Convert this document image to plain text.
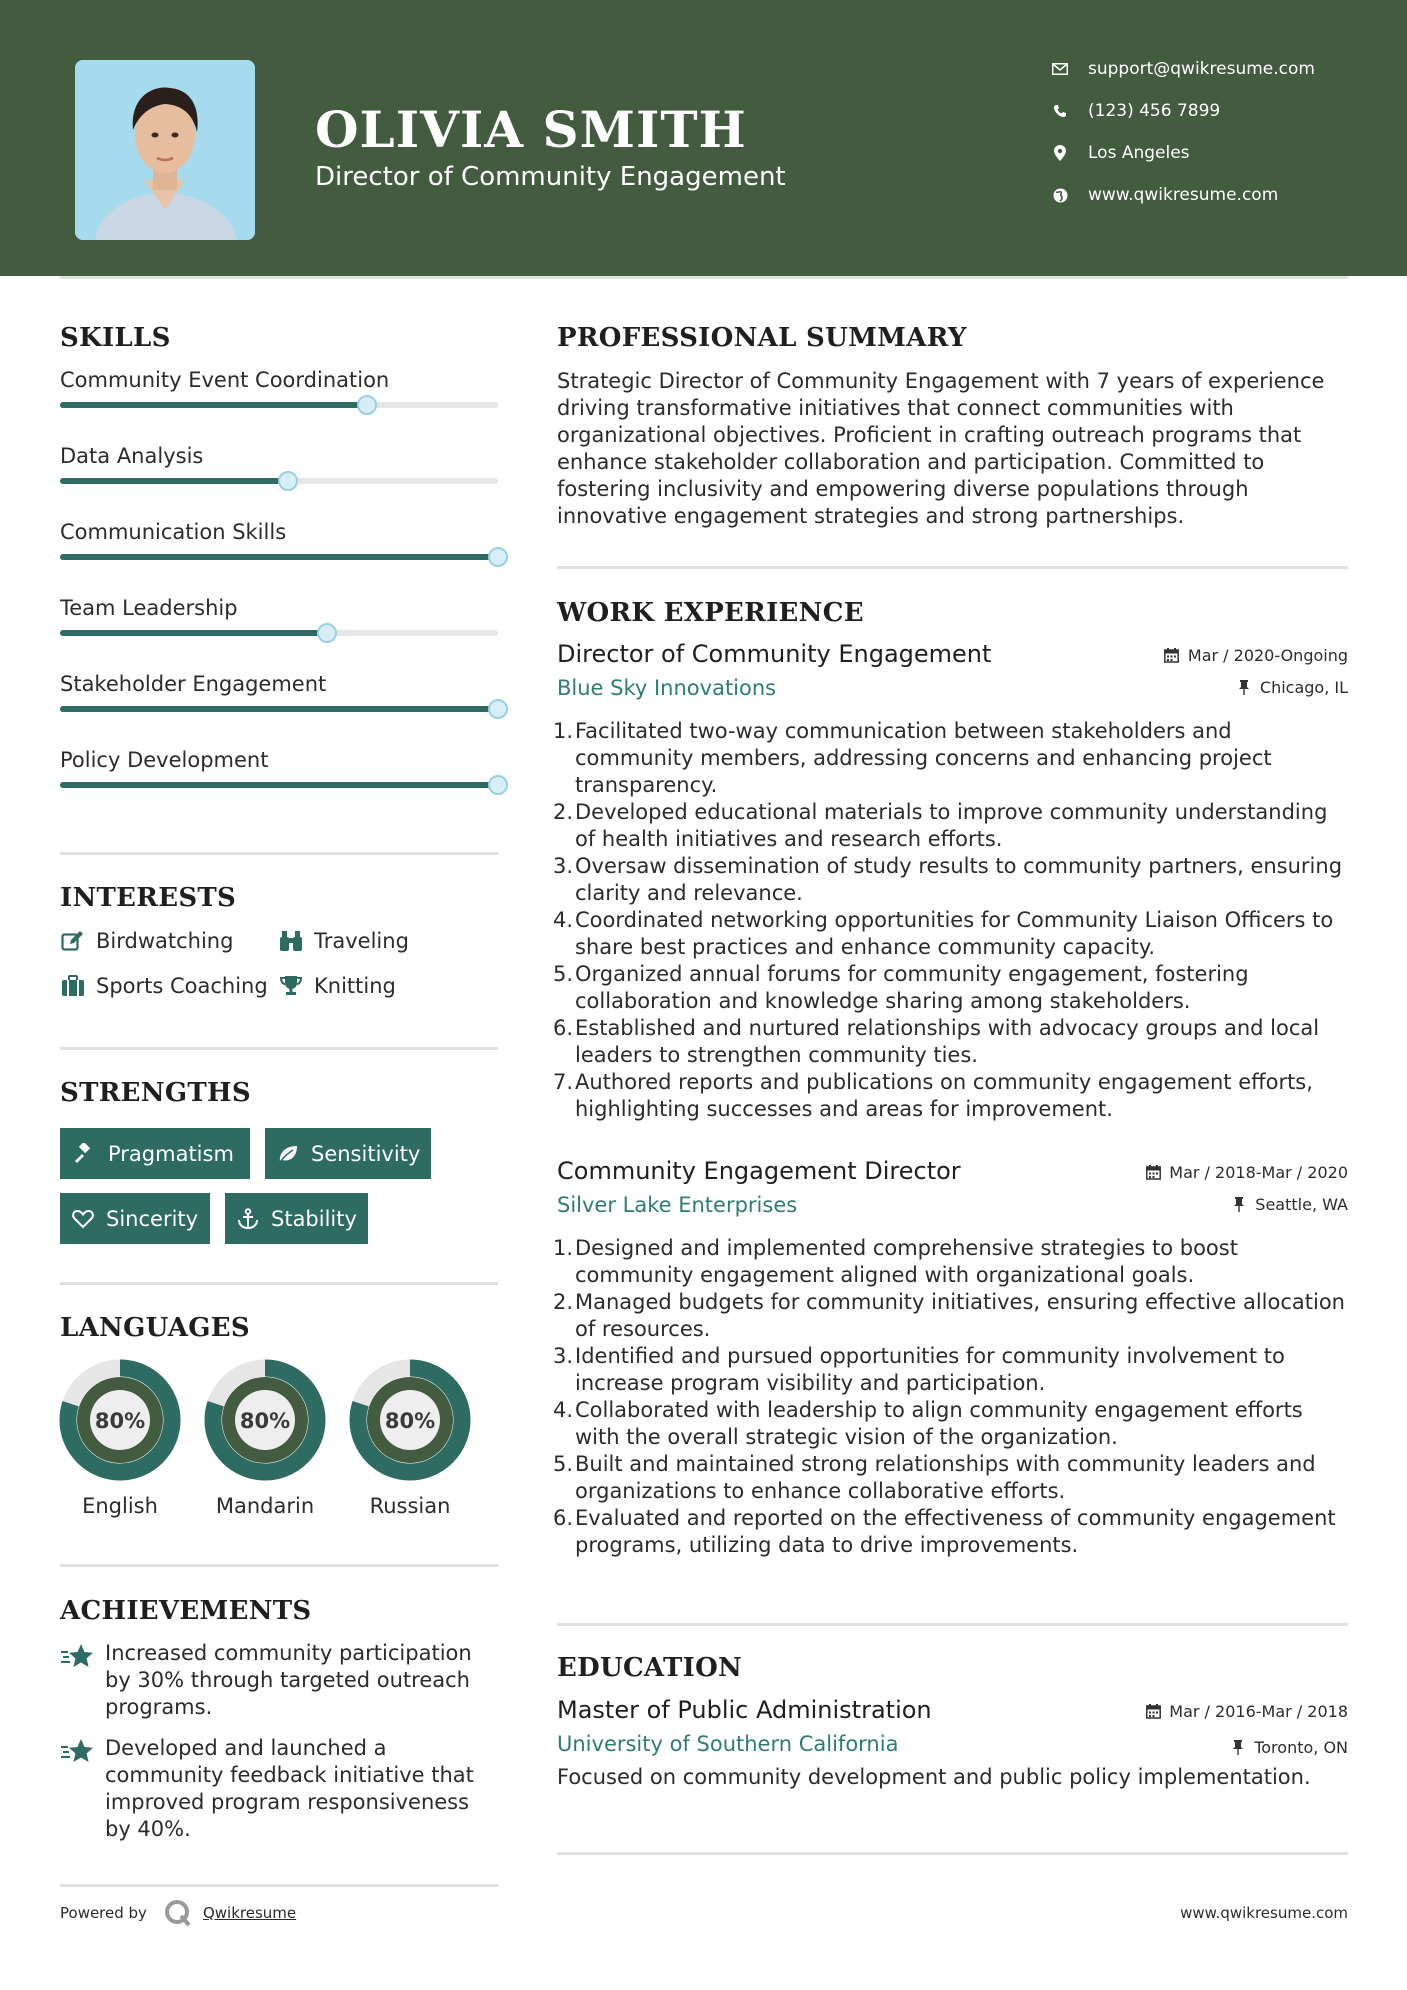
OLIVIA SMITH
Director of Community Engagement
support@qwikresume.com
(123) 456 7899
Los Angeles
www.qwikresume.com
SKILLS
Community Event Coordination
Data Analysis
Communication Skills
Team Leadership
Stakeholder Engagement
Policy Development
INTERESTS
Birdwatching	Traveling
Sports Coaching Knitting
STRENGTHS
Pragmatism	Sensitivity
Sincerity	Stability
LANGUAGES
80%
English
80%
Mandarin
80%
Russian
ACHIEVEMENTS
Increased community participation by 30% through targeted outreach programs.
Developed and launched a community feedback initiative that improved program responsiveness by 40%.
PROFESSIONAL SUMMARY
Strategic Director of Community Engagement with 7 years of experience driving transformative initiatives that connect communities with organizational objectives. Proficient in crafting outreach programs that enhance stakeholder collaboration and participation. Committed to fostering inclusivity and empowering diverse populations through innovative engagement strategies and strong partnerships.
WORK EXPERIENCE
Director of Community Engagement	Mar / 2020-Ongoing
Blue Sky Innovations	Chicago, IL
1. Facilitated two-way communication between stakeholders and community members, addressing concerns and enhancing project transparency.
2. Developed educational materials to improve community understanding of health initiatives and research efforts.
3. Oversaw dissemination of study results to community partners, ensuring clarity and relevance.
4. Coordinated networking opportunities for Community Liaison Officers to share best practices and enhance community capacity.
5. Organized annual forums for community engagement, fostering collaboration and knowledge sharing among stakeholders.
6. Established and nurtured relationships with advocacy groups and local leaders to strengthen community ties.
7. Authored reports and publications on community engagement efforts, highlighting successes and areas for improvement.
Community Engagement Director	Mar / 2018-Mar / 2020
Silver Lake Enterprises	Seattle, WA
1. Designed and implemented comprehensive strategies to boost community engagement aligned with organizational goals.
2. Managed budgets for community initiatives, ensuring effective allocation of resources.
3. Identified and pursued opportunities for community involvement to increase program visibility and participation.
4. Collaborated with leadership to align community engagement efforts with the overall strategic vision of the organization.
5. Built and maintained strong relationships with community leaders and organizations to enhance collaborative efforts.
6. Evaluated and reported on the effectiveness of community engagement programs, utilizing data to drive improvements.
EDUCATION
Master of Public Administration	Mar / 2016-Mar / 2018
University of Southern California	Toronto, ON
Focused on community development and public policy implementation.
Powered by	Qwikresume	www.qwikresume.com
